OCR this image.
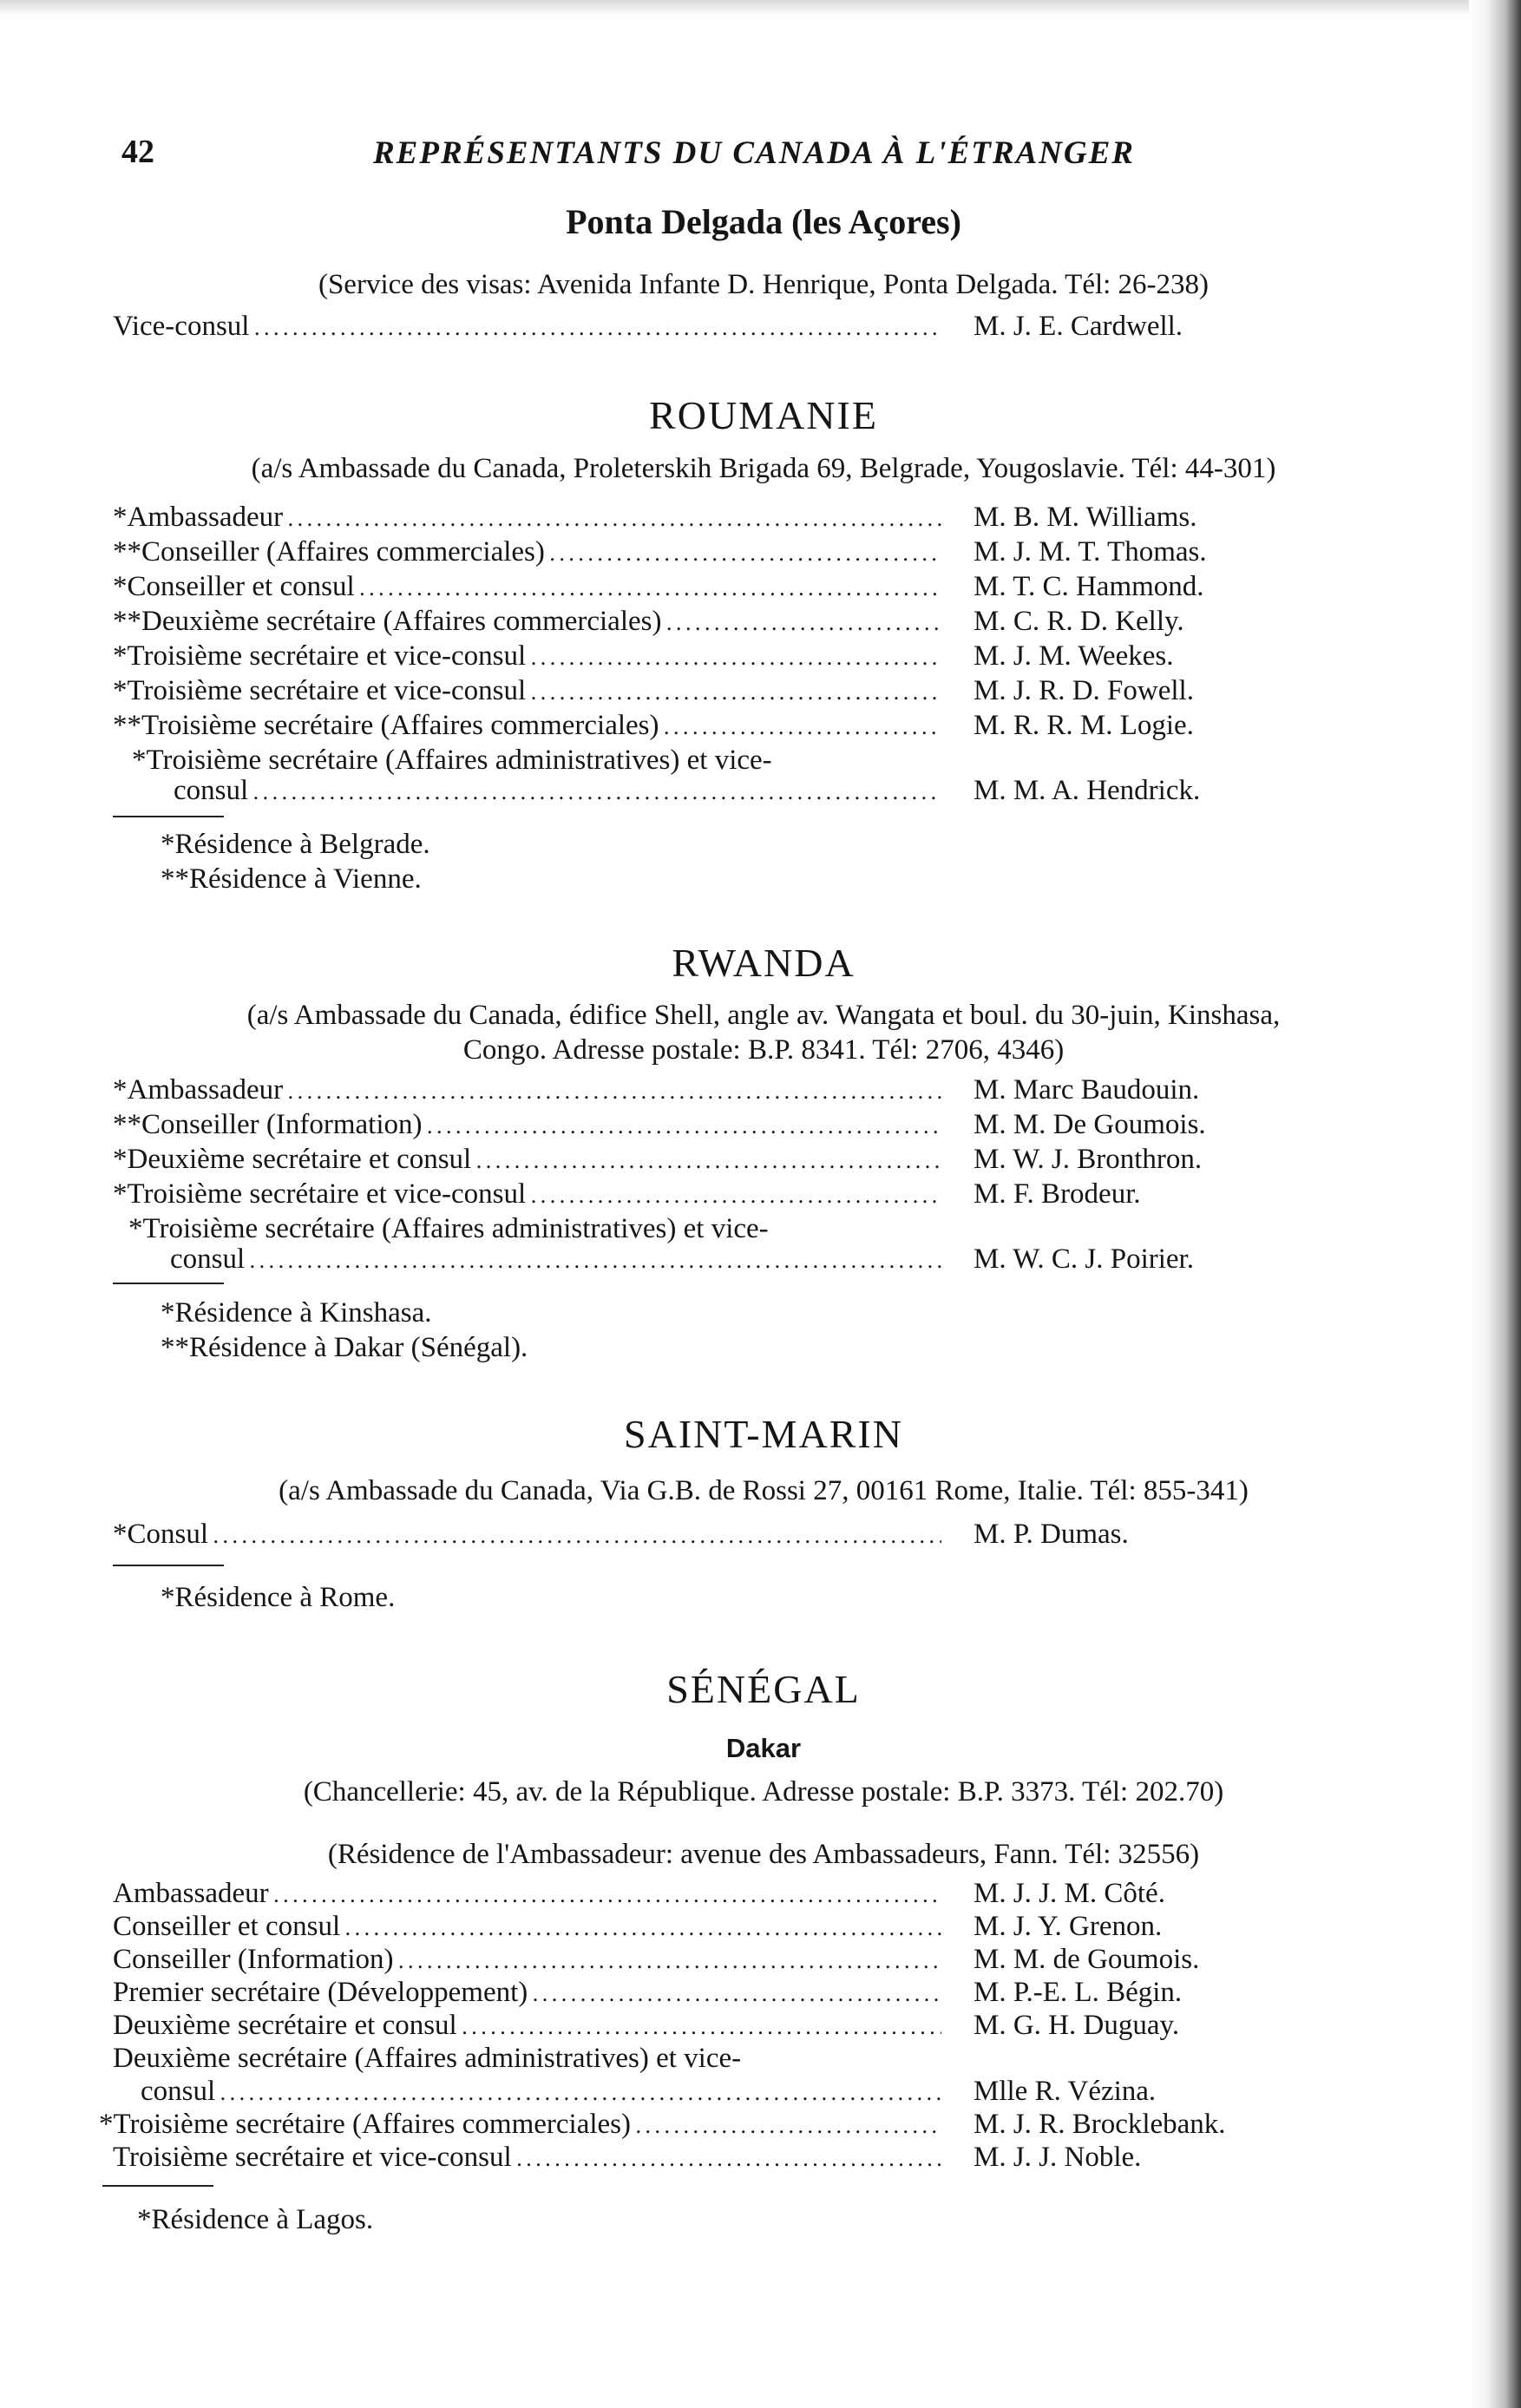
42	REPRÉSENTANTS DU CANADA À L'ÉTRANGER
Ponta Delgada (les Açores)
(Service des visas: Avenida Infante D. Henrique, Ponta Delgada. Tél: 26-238)
Vice-consul . . .	M. J. E. Cardwell.
ROUMANIE
(a/s Ambassade du Canada, Proleterskih Brigada 69, Belgrade, Yougoslavie. Tél: 44-301)
*Ambassadeur . . .	M. B. M. Williams.
**Conseiller (Affaires commerciales) . . .	M. J. M. T. Thomas.
*Conseiller et consul . . .	M. T. C. Hammond.
**Deuxième secrétaire (Affaires commerciales) . . .	M. C. R. D. Kelly.
*Troisième secrétaire et vice-consul . . .	M. J. M. Weekes.
*Troisième secrétaire et vice-consul . . .	M. J. R. D. Fowell.
**Troisième secrétaire (Affaires commerciales) . . .	M. R. R. M. Logie.
*Troisième secrétaire (Affaires administratives) et vice-
consul . . .	M. M. A. Hendrick.
*Résidence à Belgrade.
**Résidence à Vienne.
RWANDA
(a/s Ambassade du Canada, édifice Shell, angle av. Wangata et boul. du 30-juin, Kinshasa,
Congo. Adresse postale: B.P. 8341. Tél: 2706, 4346)
*Ambassadeur . . .	M. Marc Baudouin.
**Conseiller (Information) . . .	M. M. De Goumois.
*Deuxième secrétaire et consul . . .	M. W. J. Bronthron.
*Troisième secrétaire et vice-consul . . .	M. F. Brodeur.
*Troisième secrétaire (Affaires administratives) et vice-
consul . . .	M. W. C. J. Poirier.
*Résidence à Kinshasa.
**Résidence à Dakar (Sénégal).
SAINT-MARIN
(a/s Ambassade du Canada, Via G.B. de Rossi 27, 00161 Rome, Italie. Tél: 855-341)
*Consul . . .	M. P. Dumas.
*Résidence à Rome.
SÉNÉGAL
Dakar
(Chancellerie: 45, av. de la République. Adresse postale: B.P. 3373. Tél: 202.70)
(Résidence de l'Ambassadeur: avenue des Ambassadeurs, Fann. Tél: 32556)
Ambassadeur . . .	M. J. J. M. Côté.
Conseiller et consul . . .	M. J. Y. Grenon.
Conseiller (Information) . . .	M. M. de Goumois.
Premier secrétaire (Développement) . . .	M. P.-E. L. Bégin.
Deuxième secrétaire et consul . . .	M. G. H. Duguay.
Deuxième secrétaire (Affaires administratives) et vice-
consul . . .	Mlle R. Vézina.
*Troisième secrétaire (Affaires commerciales) . . .	M. J. R. Brocklebank.
Troisième secrétaire et vice-consul . . .	M. J. J. Noble.
*Résidence à Lagos.
